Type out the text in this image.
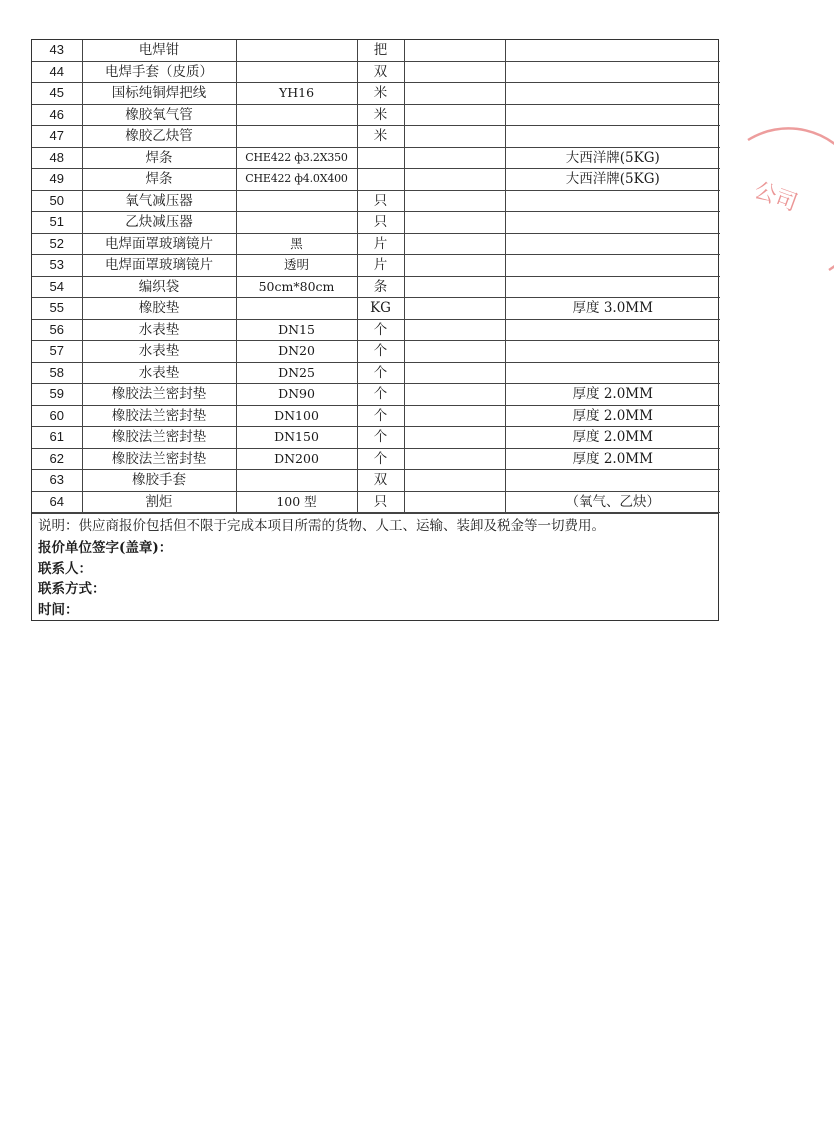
43	电焊钳		把		
44	电焊手套（皮质）		双		
45	国标纯铜焊把线	YH16	米		
46	橡胶氧气管		米		
47	橡胶乙炔管		米		
48	焊条	CHE422 ф3.2X350			大西洋牌(5KG)
49	焊条	CHE422 ф4.0X400			大西洋牌(5KG)
50	氧气减压器		只		
51	乙炔减压器		只		
52	电焊面罩玻璃镜片	黑	片		
53	电焊面罩玻璃镜片	透明	片		
54	编织袋	50cm*80cm	条		
55	橡胶垫		KG		厚度 3.0MM
56	水表垫	DN15	个		
57	水表垫	DN20	个		
58	水表垫	DN25	个		
59	橡胶法兰密封垫	DN90	个		厚度 2.0MM
60	橡胶法兰密封垫	DN100	个		厚度 2.0MM
61	橡胶法兰密封垫	DN150	个		厚度 2.0MM
62	橡胶法兰密封垫	DN200	个		厚度 2.0MM
63	橡胶手套		双		
64	割炬	100 型	只		（氧气、乙炔）
说明：供应商报价包括但不限于完成本项目所需的货物、人工、运输、装卸及税金等一切费用。
报价单位签字(盖章)：
联系人：
联系方式：
时间：
公司
